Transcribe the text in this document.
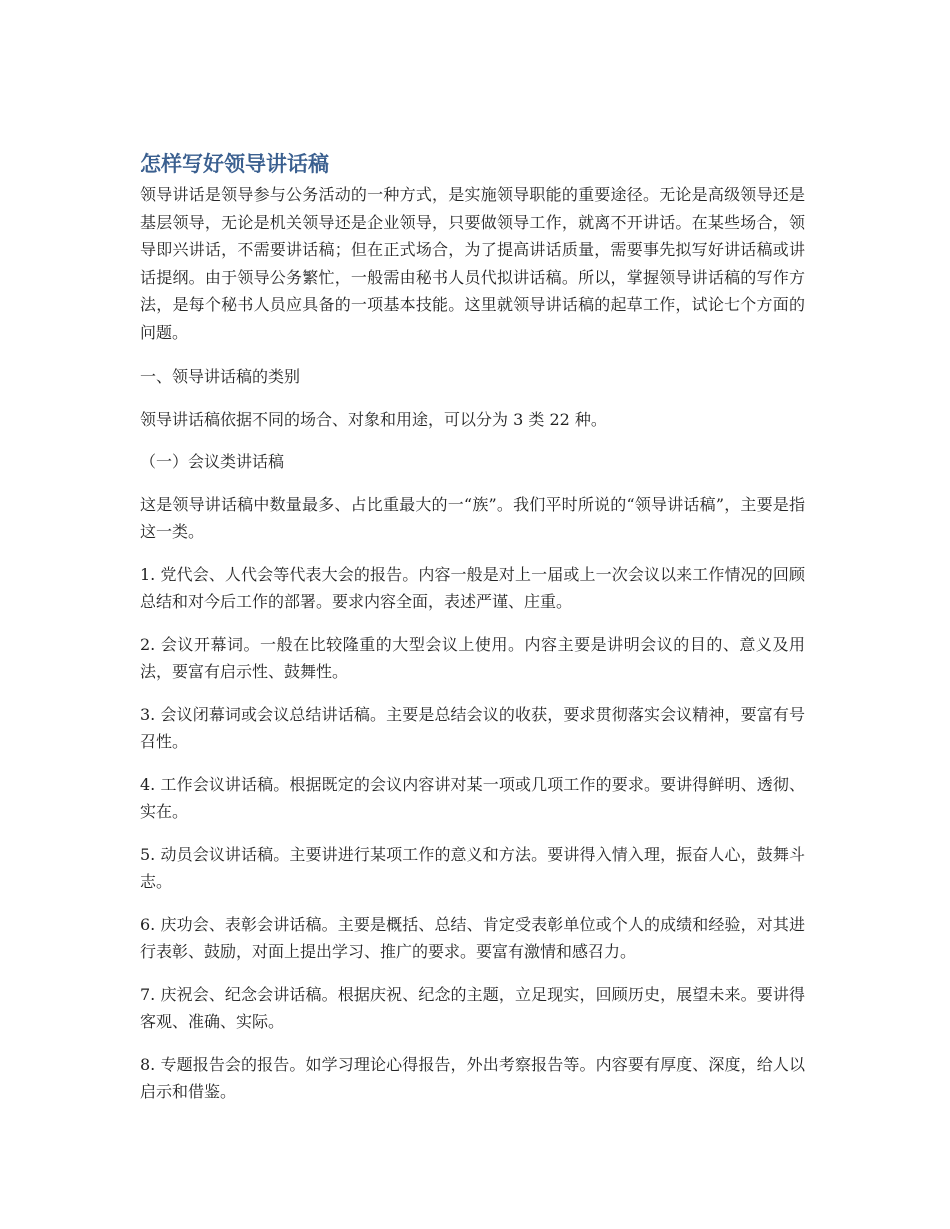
怎样写好领导讲话稿

领导讲话是领导参与公务活动的一种方式，是实施领导职能的重要途径。无论是高级领导还是基层领导，无论是机关领导还是企业领导，只要做领导工作，就离不开讲话。在某些场合，领导即兴讲话，不需要讲话稿；但在正式场合，为了提高讲话质量，需要事先拟写好讲话稿或讲话提纲。由于领导公务繁忙，一般需由秘书人员代拟讲话稿。所以，掌握领导讲话稿的写作方法，是每个秘书人员应具备的一项基本技能。这里就领导讲话稿的起草工作，试论七个方面的问题。

一、领导讲话稿的类别

领导讲话稿依据不同的场合、对象和用途，可以分为 3 类 22 种。

（一）会议类讲话稿

这是领导讲话稿中数量最多、占比重最大的一“族”。我们平时所说的“领导讲话稿”，主要是指这一类。

1. 党代会、人代会等代表大会的报告。内容一般是对上一届或上一次会议以来工作情况的回顾总结和对今后工作的部署。要求内容全面，表述严谨、庄重。

2. 会议开幕词。一般在比较隆重的大型会议上使用。内容主要是讲明会议的目的、意义及用法，要富有启示性、鼓舞性。

3. 会议闭幕词或会议总结讲话稿。主要是总结会议的收获，要求贯彻落实会议精神，要富有号召性。

4. 工作会议讲话稿。根据既定的会议内容讲对某一项或几项工作的要求。要讲得鲜明、透彻、实在。

5. 动员会议讲话稿。主要讲进行某项工作的意义和方法。要讲得入情入理，振奋人心，鼓舞斗志。

6. 庆功会、表彰会讲话稿。主要是概括、总结、肯定受表彰单位或个人的成绩和经验，对其进行表彰、鼓励，对面上提出学习、推广的要求。要富有激情和感召力。

7. 庆祝会、纪念会讲话稿。根据庆祝、纪念的主题，立足现实，回顾历史，展望未来。要讲得客观、准确、实际。

8. 专题报告会的报告。如学习理论心得报告，外出考察报告等。内容要有厚度、深度，给人以启示和借鉴。
